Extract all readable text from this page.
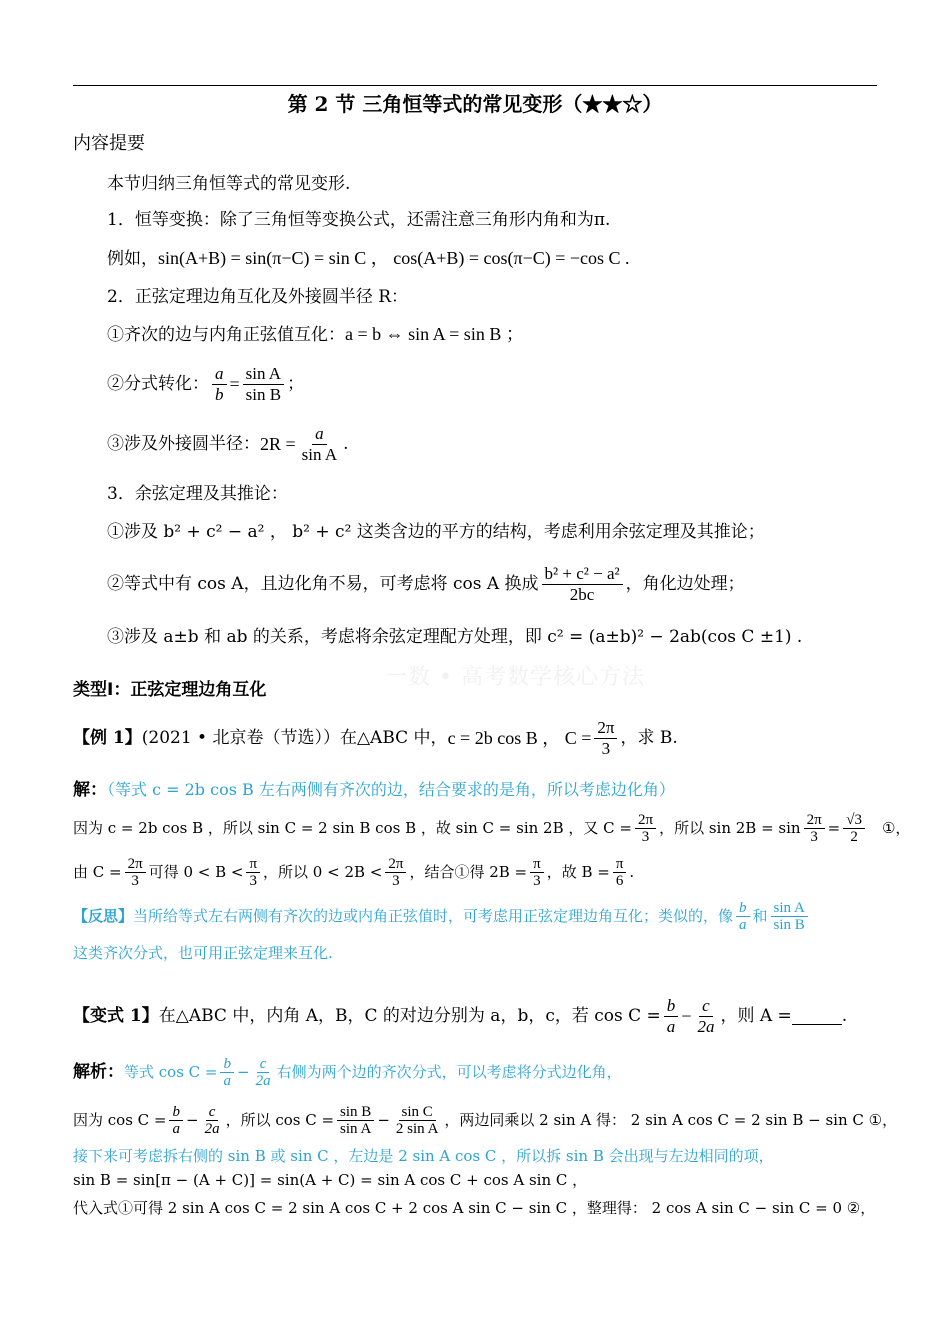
第 2 节 三角恒等式的常见变形（★★☆）
内容提要
本节归纳三角恒等式的常见变形.
1．恒等变换：除了三角恒等变换公式，还需注意三角形内角和为π.
例如，sin(A+B) = sin(π−C) = sin C ， cos(A+B) = cos(π−C) = −cos C .
2．正弦定理边角互化及外接圆半径 R：
①齐次的边与内角正弦值互化：a = b ⇔ sin A = sin B ；
②分式转化： $\frac{a}{b} = \frac{\text{sin A}}{\text{sin B}}$ ；
③涉及外接圆半径： $2R = \frac{a}{\text{sin A}}$ .
3．余弦定理及其推论：
①涉及 b² + c² − a² ， b² + c² 这类含边的平方的结构，考虑利用余弦定理及其推论；
②等式中有 cos A，且边化角不易，可考虑将 cos A 换成 $\frac{\text{b² + c² − a²}}{2bc}$ ，角化边处理；
③涉及 a±b 和 ab 的关系，考虑将余弦定理配方处理，即 c² = (a±b)² − 2ab(cos C ±1) .
一数 • 高考数学核心方法
类型Ⅰ：正弦定理边角互化
【例 1】 (2021 • 北京卷（节选））在△ABC 中， c = 2b cos B ， $C = \frac{2\pi}{3}$ ，求 B.
解：（等式 c = 2b cos B 左右两侧有齐次的边，结合要求的是角，所以考虑边化角）
因为 c = 2b cos B ，所以 sin C = 2 sin B cos B ，故 sin C = sin 2B ，又 $C = \frac{2\pi}{3}$ ，所以 $\sin 2B = \sin \frac{2\pi}{3} = \frac{√3}{2}$ ①，
由 $C = \frac{2\pi}{3}$ 可得 $0 < B < \frac{\pi}{3}$ ，所以 $0 < 2B < \frac{2\pi}{3}$ ，结合①得 $2B = \frac{\pi}{3}$ ，故 $B = \frac{\pi}{6}$ .
【反思】 当所给等式左右两侧有齐次的边或内角正弦值时，可考虑用正弦定理边角互化；类似的，像 $\frac{b}{a}$ 和 $\frac{\text{sin A}}{\text{sin B}}$
这类齐次分式，也可用正弦定理来互化.
【变式 1】 在△ABC 中，内角 A，B，C 的对边分别为 a，b，c，若 $\cos C = \frac{b}{a} - \frac{c}{2a}$ ，则 A =	.
解析： 等式 $\cos C = \frac{b}{a} - \frac{c}{2a}$ 右侧为两个边的齐次分式，可以考虑将分式边化角，
因为 $\cos C = \frac{b}{a} - \frac{c}{2a}$ ，所以 $\cos C = \frac{\text{sin B}}{\text{sin A}} - \frac{\text{sin C}}{\text{2 sin A}}$ ，两边同乘以 2 sin A 得： 2 sin A cos C = 2 sin B − sin C ①，
接下来可考虑拆右侧的 sin B 或 sin C ，左边是 2 sin A cos C ，所以拆 sin B 会出现与左边相同的项，
sin B = sin[π − (A + C)] = sin(A + C) = sin A cos C + cos A sin C ，
代入式①可得 2 sin A cos C = 2 sin A cos C + 2 cos A sin C − sin C ，整理得： 2 cos A sin C − sin C = 0 ②，
